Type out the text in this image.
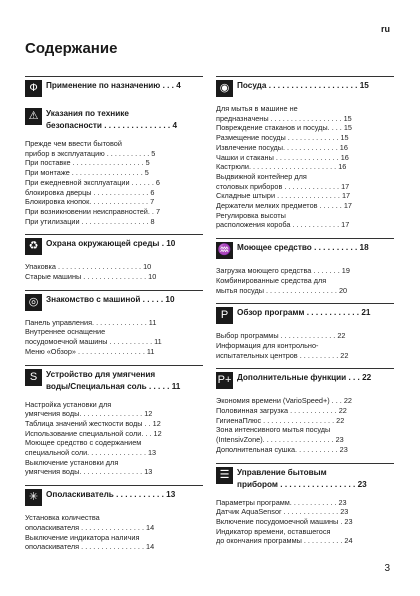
ru
Содержание
Ф	Применение по назначению . . . 4
⚠ Указания по технике
безопасности . . . . . . . . . . . . . . . 4
Прежде чем ввести бытовой
прибор в эксплуатацию . . . . . . . . . . . 5
При поставке . . . . . . . . . . . . . . . . . . 5
При монтаже . . . . . . . . . . . . . . . . . . 5
При ежедневной эксплуатации . . . . . . 6
блокировка дверцы . . . . . . . . . . . . . . 6
Блокировка кнопок. . . . . . . . . . . . . . . 7
При возникновении неисправностей. . 7
При утилизации . . . . . . . . . . . . . . . . . 8
♻ Охрана окружающей среды . 10
Упаковка . . . . . . . . . . . . . . . . . . . . . 10
Старые машины . . . . . . . . . . . . . . . . 10
◎ Знакомство с машиной . . . . . 10
Панель управления. . . . . . . . . . . . . . 11
Внутреннее оснащение
посудомоечной машины . . . . . . . . . . . 11
Меню «Обзор» . . . . . . . . . . . . . . . . . 11
S	Устройство для умягчения
воды/Специальная соль . . . . . 11
Настройка установки для
умягчения воды. . . . . . . . . . . . . . . . 12
Таблица значений жесткости воды . . 12
Использование специальной соли. . . 12
Моющее средство с содержанием
специальной соли. . . . . . . . . . . . . . . 13
Выключение установки для
умягчения воды. . . . . . . . . . . . . . . . 13
✳ Ополаскиватель . . . . . . . . . . . 13
Установка количества
ополаскивателя . . . . . . . . . . . . . . . . 14
Выключение индикатора наличия
ополаскивателя . . . . . . . . . . . . . . . . 14
◉ Посуда . . . . . . . . . . . . . . . . . . . . 15
Для мытья в машине не
предназначены . . . . . . . . . . . . . . . . . . 15
Повреждение стаканов и посуды. . . . 15
Размещение посуды . . . . . . . . . . . . . 15
Извлечение посуды. . . . . . . . . . . . . . 16
Чашки и стаканы . . . . . . . . . . . . . . . . 16
Кастрюли. . . . . . . . . . . . . . . . . . . . . . 16
Выдвижной контейнер для
столовых приборов . . . . . . . . . . . . . . 17
Складные штыри . . . . . . . . . . . . . . . . 17
Держатели мелких предметов . . . . . . 17
Регулировка высоты
расположения короба . . . . . . . . . . . . 17
♒ Моющее средство . . . . . . . . . . 18
Загрузка моющего средства . . . . . . . 19
Комбинированные средства для
мытья посуды . . . . . . . . . . . . . . . . . . 20
P	Обзор программ . . . . . . . . . . . . 21
Выбор программы . . . . . . . . . . . . . . 22
Информация для контрольно-
испытательных центров . . . . . . . . . . 22
P+ Дополнительные функции . . . 22
Экономия времени (VarioSpeed+) . . . 22
Половинная загрузка . . . . . . . . . . . . 22
ГигиенаПлюс . . . . . . . . . . . . . . . . . . 22
Зона интенсивного мытья посуды
(IntensivZone). . . . . . . . . . . . . . . . . . 23
Дополнительная сушка. . . . . . . . . . . 23
☰ Управление бытовым
прибором . . . . . . . . . . . . . . . . . 23
Параметры программ. . . . . . . . . . . . 23
Датчик AquaSensor . . . . . . . . . . . . . . 23
Включение посудомоечной машины . 23
Индикатор времени, оставшегося
до окончания программы . . . . . . . . . . 24
3
